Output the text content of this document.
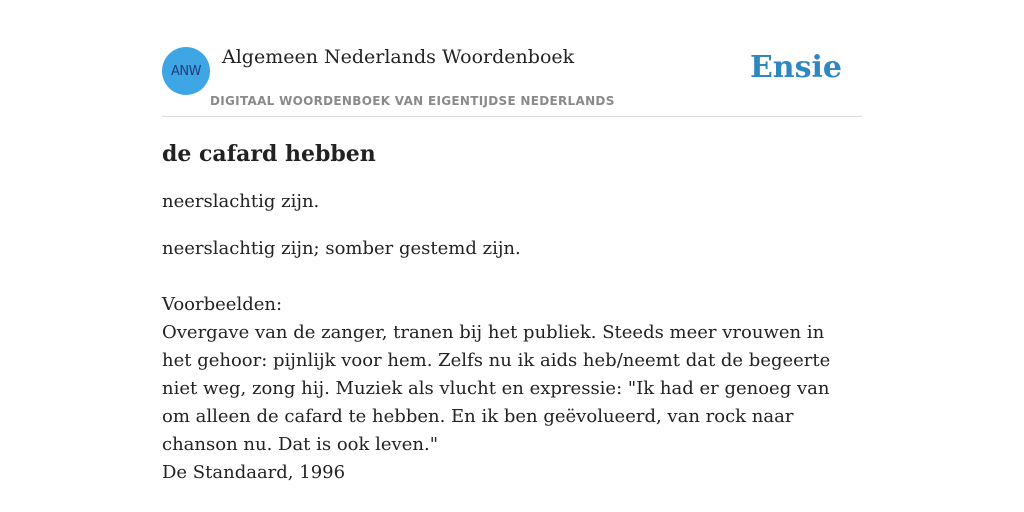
ANW
Algemeen Nederlands Woordenboek
DIGITAAL WOORDENBOEK VAN EIGENTIJDSE NEDERLANDS
Ensie
de cafard hebben

neerslachtig zijn.

neerslachtig zijn; somber gestemd zijn.

Voorbeelden:

Overgave van de zanger, tranen bij het publiek. Steeds meer vrouwen in het gehoor: pijnlijk voor hem. Zelfs nu ik aids heb/neemt dat de begeerte niet weg, zong hij. Muziek als vlucht en expressie: "Ik had er genoeg van om alleen de cafard te hebben. En ik ben geëvolueerd, van rock naar chanson nu. Dat is ook leven."

De Standaard, 1996
